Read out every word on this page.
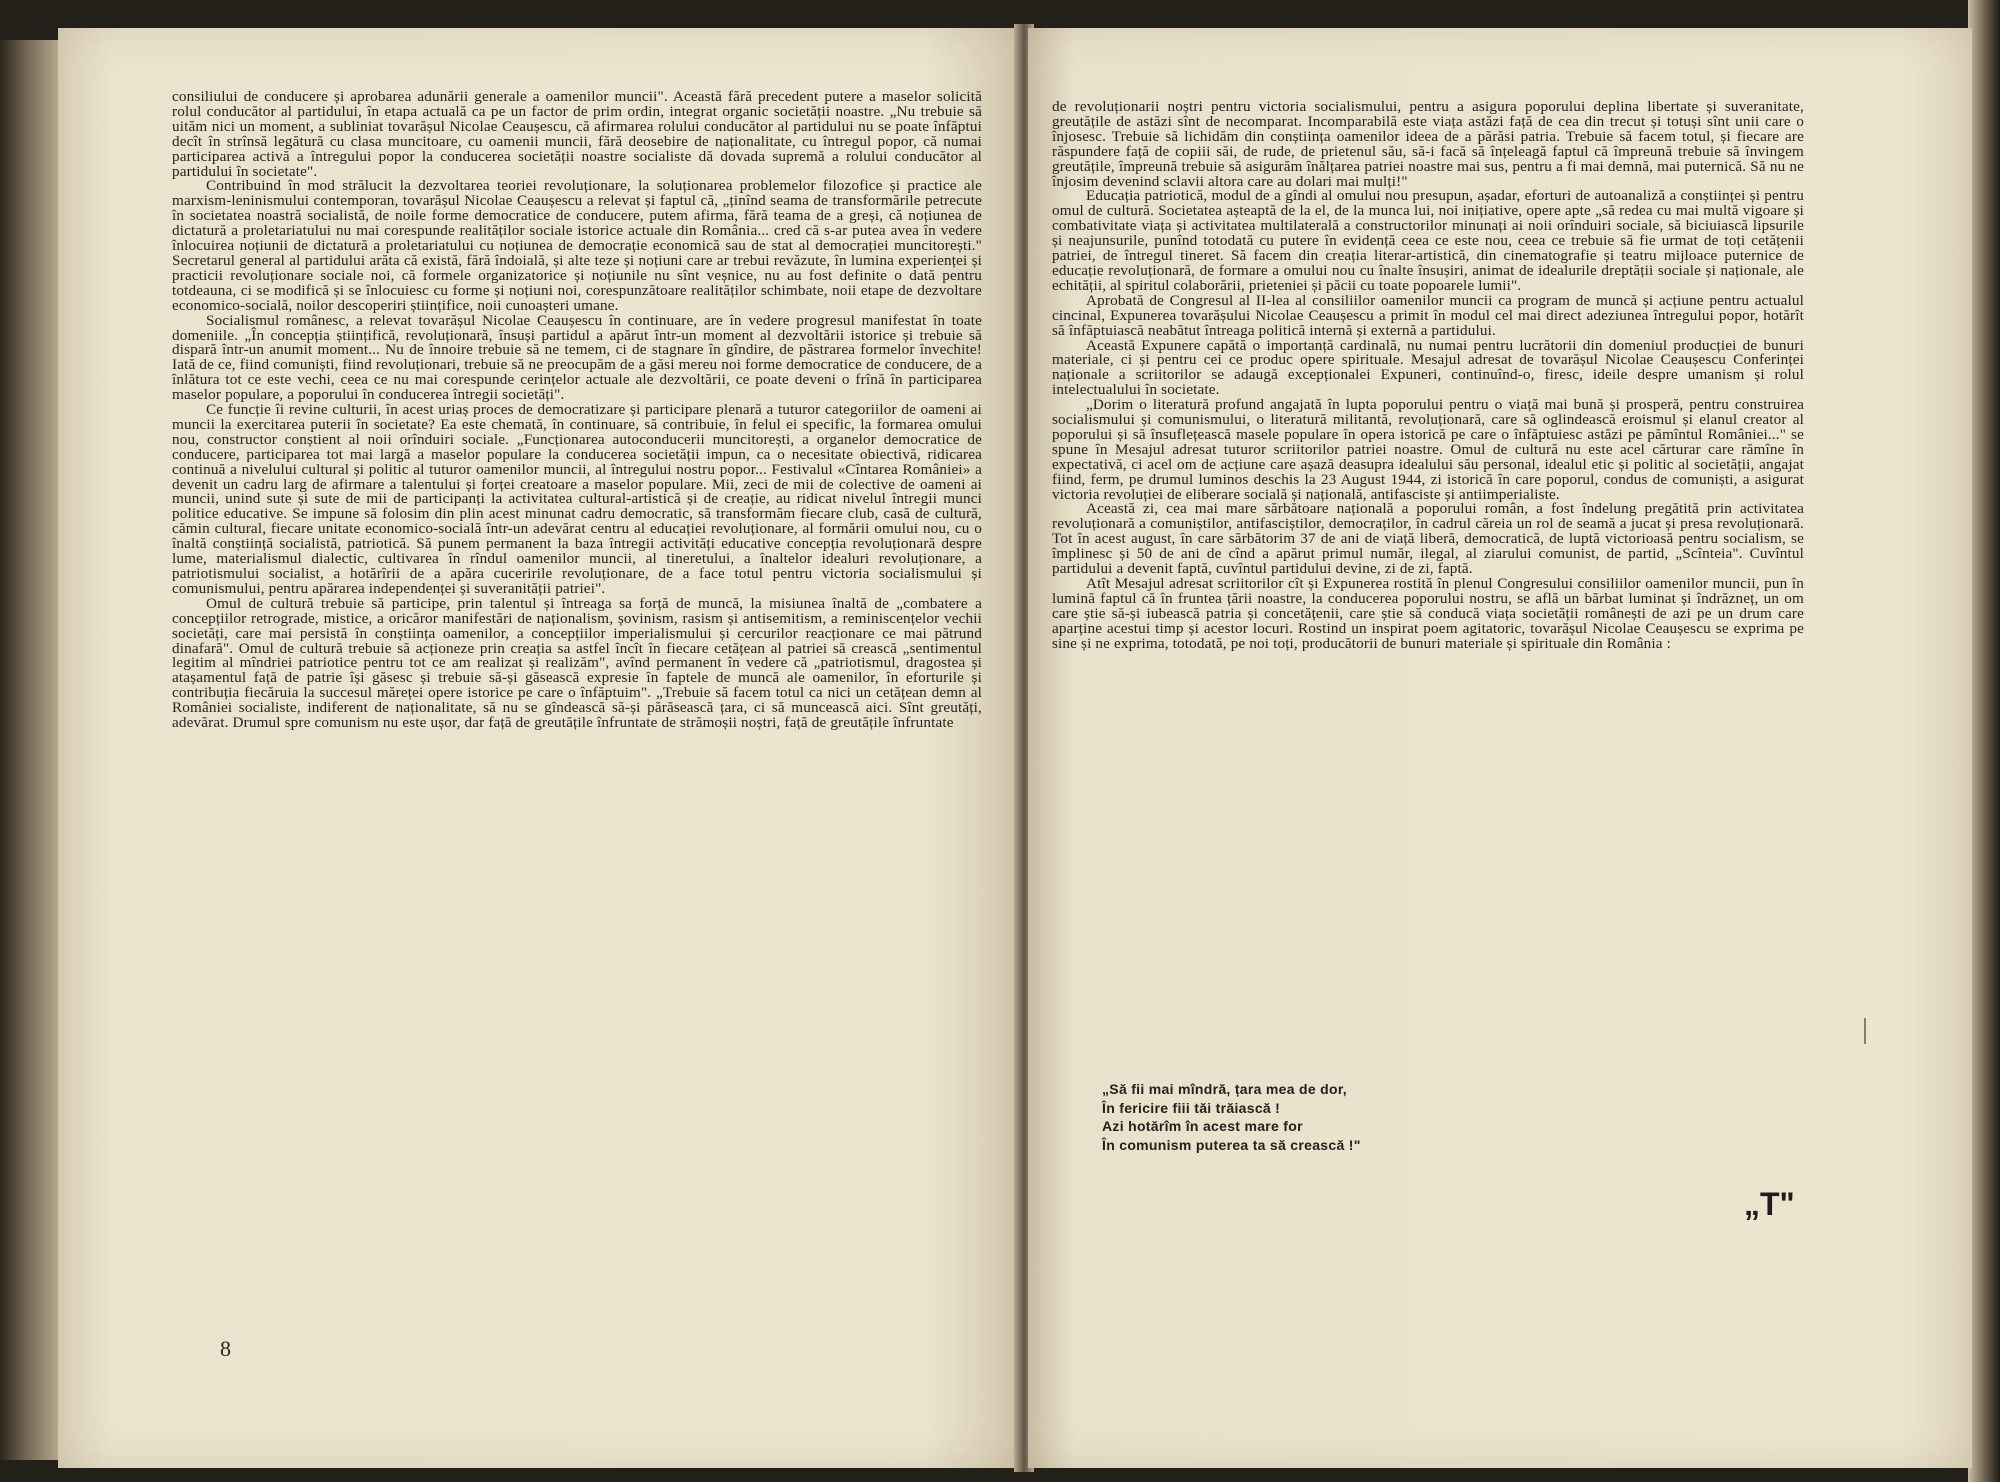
consiliului de conducere și aprobarea adunării generale a oamenilor muncii". Această fără precedent putere a maselor solicită rolul conducător al partidului, în etapa actuală ca pe un factor de prim ordin, integrat organic societății noastre. „Nu trebuie să uităm nici un moment, a subliniat tovarășul Nicolae Ceaușescu, că afirmarea rolului conducător al partidului nu se poate înfăptui decît în strînsă legătură cu clasa muncitoare, cu oamenii muncii, fără deosebire de naționalitate, cu întregul popor, că numai participarea activă a întregului popor la conducerea societății noastre socialiste dă dovada supremă a rolului conducător al partidului în societate".

Contribuind în mod strălucit la dezvoltarea teoriei revoluționare, la soluționarea problemelor filozofice și practice ale marxism-leninismului contemporan, tovarășul Nicolae Ceaușescu a relevat și faptul că, „ținînd seama de transformările petrecute în societatea noastră socialistă, de noile forme democratice de conducere, putem afirma, fără teama de a greși, că noțiunea de dictatură a proletariatului nu mai corespunde realităților sociale istorice actuale din România... cred că s-ar putea avea în vedere înlocuirea noțiunii de dictatură a proletariatului cu noțiunea de democrație economică sau de stat al democrației muncitorești." Secretarul general al partidului arăta că există, fără îndoială, și alte teze și noțiuni care ar trebui revăzute, în lumina experienței și practicii revoluționare sociale noi, că formele organizatorice și noțiunile nu sînt veșnice, nu au fost definite o dată pentru totdeauna, ci se modifică și se înlocuiesc cu forme și noțiuni noi, corespunzătoare realităților schimbate, noii etape de dezvoltare economico-socială, noilor descoperiri științifice, noii cunoașteri umane.

Socialismul românesc, a relevat tovarășul Nicolae Ceaușescu în continuare, are în vedere progresul manifestat în toate domeniile. „În concepția științifică, revoluționară, însuși partidul a apărut într-un moment al dezvoltării istorice și trebuie să dispară într-un anumit moment... Nu de înnoire trebuie să ne temem, ci de stagnare în gîndire, de păstrarea formelor învechite! Iată de ce, fiind comuniști, fiind revoluționari, trebuie să ne preocupăm de a găsi mereu noi forme democratice de conducere, de a înlătura tot ce este vechi, ceea ce nu mai corespunde cerințelor actuale ale dezvoltării, ce poate deveni o frînă în participarea maselor populare, a poporului în conducerea întregii societăți".

Ce funcție îi revine culturii, în acest uriaș proces de democratizare și participare plenară a tuturor categoriilor de oameni ai muncii la exercitarea puterii în societate? Ea este chemată, în continuare, să contribuie, în felul ei specific, la formarea omului nou, constructor conștient al noii orînduiri sociale. „Funcționarea autoconducerii muncitorești, a organelor democratice de conducere, participarea tot mai largă a maselor populare la conducerea societății impun, ca o necesitate obiectivă, ridicarea continuă a nivelului cultural și politic al tuturor oamenilor muncii, al întregului nostru popor... Festivalul «Cîntarea României» a devenit un cadru larg de afirmare a talentului și forței creatoare a maselor populare. Mii, zeci de mii de colective de oameni ai muncii, unind sute și sute de mii de participanți la activitatea cultural-artistică și de creație, au ridicat nivelul întregii munci politice educative. Se impune să folosim din plin acest minunat cadru democratic, să transformăm fiecare club, casă de cultură, cămin cultural, fiecare unitate economico-socială într-un adevărat centru al educației revoluționare, al formării omului nou, cu o înaltă conștiință socialistă, patriotică. Să punem permanent la baza întregii activități educative concepția revoluționară despre lume, materialismul dialectic, cultivarea în rîndul oamenilor muncii, al tineretului, a înaltelor idealuri revoluționare, a patriotismului socialist, a hotărîrii de a apăra cuceririle revoluționare, de a face totul pentru victoria socialismului și comunismului, pentru apărarea independenței și suveranității patriei".

Omul de cultură trebuie să participe, prin talentul și întreaga sa forță de muncă, la misiunea înaltă de „combatere a concepțiilor retrograde, mistice, a oricăror manifestări de naționalism, șovinism, rasism și antisemitism, a reminiscențelor vechii societăți, care mai persistă în conștiința oamenilor, a concepțiilor imperialismului și cercurilor reacționare ce mai pătrund dinafară". Omul de cultură trebuie să acționeze prin creația sa astfel încît în fiecare cetățean al patriei să crească „sentimentul legitim al mîndriei patriotice pentru tot ce am realizat și realizăm", avînd permanent în vedere că „patriotismul, dragostea și atașamentul față de patrie își găsesc și trebuie să-și găsească expresie în faptele de muncă ale oamenilor, în eforturile și contribuția fiecăruia la succesul măreței opere istorice pe care o înfăptuim". „Trebuie să facem totul ca nici un cetățean demn al României socialiste, indiferent de naționalitate, să nu se gîndească să-și părăsească țara, ci să muncească aici. Sînt greutăți, adevărat. Drumul spre comunism nu este ușor, dar față de greutățile înfruntate de strămoșii noștri, față de greutățile înfruntate

8

de revoluționarii noștri pentru victoria socialismului, pentru a asigura poporului deplina libertate și suveranitate, greutățile de astăzi sînt de necomparat. Incomparabilă este viața astăzi față de cea din trecut și totuși sînt unii care o înjosesc. Trebuie să lichidăm din conștiința oamenilor ideea de a părăsi patria. Trebuie să facem totul, și fiecare are răspundere față de copiii săi, de rude, de prietenul său, să-i facă să înțeleagă faptul că împreună trebuie să învingem greutățile, împreună trebuie să asigurăm înălțarea patriei noastre mai sus, pentru a fi mai demnă, mai puternică. Să nu ne înjosim devenind sclavii altora care au dolari mai mulți!"

Educația patriotică, modul de a gîndi al omului nou presupun, așadar, eforturi de autoanaliză a conștiinței și pentru omul de cultură. Societatea așteaptă de la el, de la munca lui, noi inițiative, opere apte „să redea cu mai multă vigoare și combativitate viața și activitatea multilaterală a constructorilor minunați ai noii orînduiri sociale, să biciuiască lipsurile și neajunsurile, punînd totodată cu putere în evidență ceea ce este nou, ceea ce trebuie să fie urmat de toți cetățenii patriei, de întregul tineret. Să facem din creația literar-artistică, din cinematografie și teatru mijloace puternice de educație revoluționară, de formare a omului nou cu înalte însușiri, animat de idealurile dreptății sociale și naționale, ale echității, al spiritul colaborării, prieteniei și păcii cu toate popoarele lumii".

Aprobată de Congresul al II-lea al consiliilor oamenilor muncii ca program de muncă și acțiune pentru actualul cincinal, Expunerea tovarășului Nicolae Ceaușescu a primit în modul cel mai direct adeziunea întregului popor, hotărît să înfăptuiască neabătut întreaga politică internă și externă a partidului.

Această Expunere capătă o importanță cardinală, nu numai pentru lucrătorii din domeniul producției de bunuri materiale, ci și pentru cei ce produc opere spirituale. Mesajul adresat de tovarășul Nicolae Ceaușescu Conferinței naționale a scriitorilor se adaugă excepționalei Expuneri, continuînd-o, firesc, ideile despre umanism și rolul intelectualului în societate.

„Dorim o literatură profund angajată în lupta poporului pentru o viață mai bună și prosperă, pentru construirea socialismului și comunismului, o literatură militantă, revoluționară, care să oglindească eroismul și elanul creator al poporului și să însuflețească masele populare în opera istorică pe care o înfăptuiesc astăzi pe pămîntul României..." se spune în Mesajul adresat tuturor scriitorilor patriei noastre. Omul de cultură nu este acel cărturar care rămîne în expectativă, ci acel om de acțiune care așază deasupra idealului său personal, idealul etic și politic al societății, angajat fiind, ferm, pe drumul luminos deschis la 23 August 1944, zi istorică în care poporul, condus de comuniști, a asigurat victoria revoluției de eliberare socială și națională, antifasciste și antiimperialiste.

Această zi, cea mai mare sărbătoare națională a poporului român, a fost îndelung pregătită prin activitatea revoluționară a comuniștilor, antifasciștilor, democraților, în cadrul căreia un rol de seamă a jucat și presa revoluționară. Tot în acest august, în care sărbătorim 37 de ani de viață liberă, democratică, de luptă victorioasă pentru socialism, se împlinesc și 50 de ani de cînd a apărut primul număr, ilegal, al ziarului comunist, de partid, „Scînteia". Cuvîntul partidului a devenit faptă, cuvîntul partidului devine, zi de zi, faptă.

Atît Mesajul adresat scriitorilor cît și Expunerea rostită în plenul Congresului consiliilor oamenilor muncii, pun în lumină faptul că în fruntea țării noastre, la conducerea poporului nostru, se află un bărbat luminat și îndrăzneț, un om care știe să-și iubească patria și concetățenii, care știe să conducă viața societății românești de azi pe un drum care aparține acestui timp și acestor locuri. Rostind un inspirat poem agitatoric, tovarășul Nicolae Ceaușescu se exprima pe sine și ne exprima, totodată, pe noi toți, producătorii de bunuri materiale și spirituale din România :

„Să fii mai mîndră, țara mea de dor,
În fericire fiii tăi trăiască !
Azi hotărîm în acest mare for
În comunism puterea ta să crească !"
„T"
